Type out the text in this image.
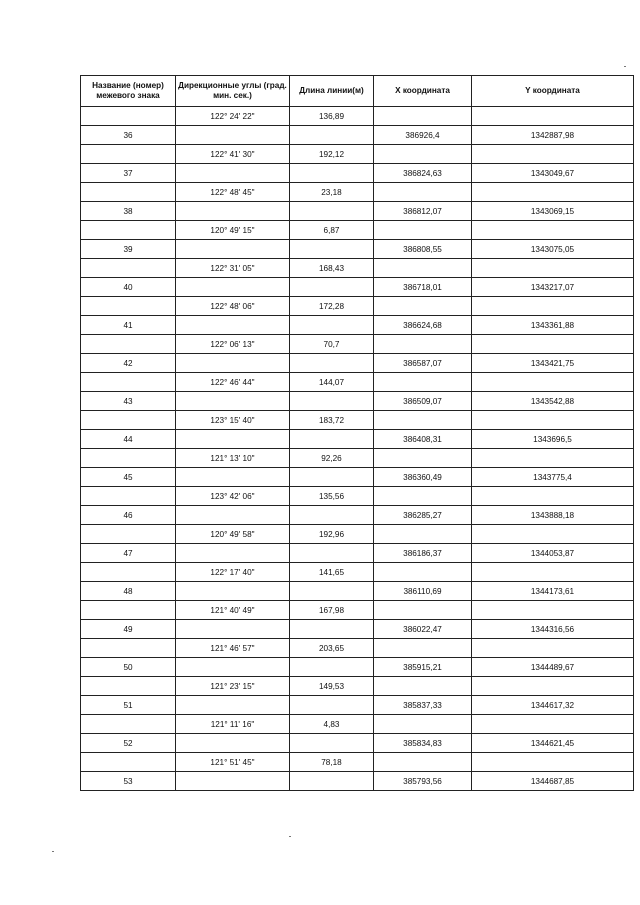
Название (номер) межевого знака	Дирекционные углы (град. мин. сек.)	Длина линии(м)	X координата	Y координата
	122° 24' 22"	136,89		
36			386926,4	1342887,98
	122° 41' 30"	192,12		
37			386824,63	1343049,67
	122° 48' 45"	23,18		
38			386812,07	1343069,15
	120° 49' 15"	6,87		
39			386808,55	1343075,05
	122° 31' 05"	168,43		
40			386718,01	1343217,07
	122° 48' 06"	172,28		
41			386624,68	1343361,88
	122° 06' 13"	70,7		
42			386587,07	1343421,75
	122° 46' 44"	144,07		
43			386509,07	1343542,88
	123° 15' 40"	183,72		
44			386408,31	1343696,5
	121° 13' 10"	92,26		
45			386360,49	1343775,4
	123° 42' 06"	135,56		
46			386285,27	1343888,18
	120° 49' 58"	192,96		
47			386186,37	1344053,87
	122° 17' 40"	141,65		
48			386110,69	1344173,61
	121° 40' 49"	167,98		
49			386022,47	1344316,56
	121° 46' 57"	203,65		
50			385915,21	1344489,67
	121° 23' 15"	149,53		
51			385837,33	1344617,32
	121° 11' 16"	4,83		
52			385834,83	1344621,45
	121° 51' 45"	78,18		
53			385793,56	1344687,85
